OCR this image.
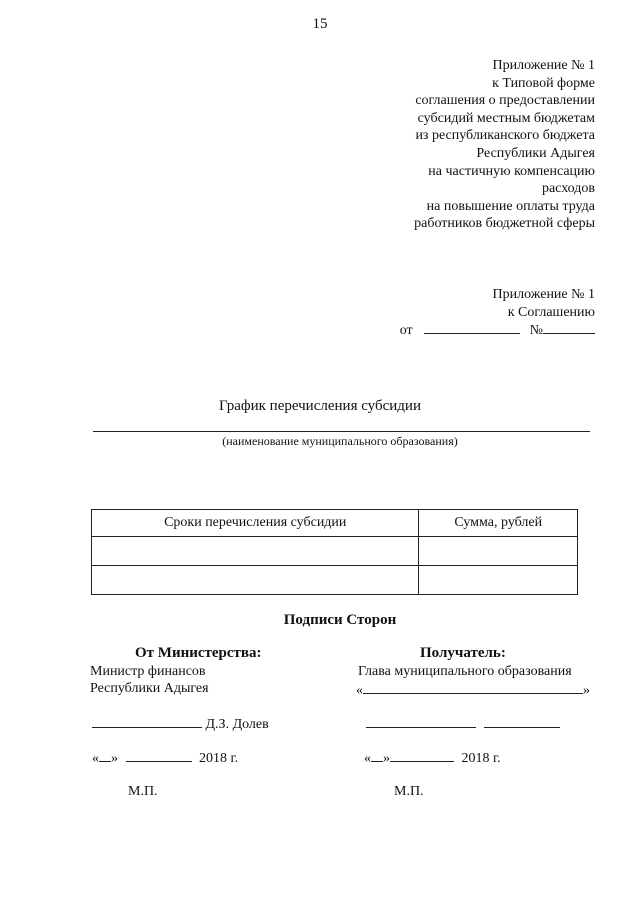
15
Приложение № 1
к Типовой форме
соглашения о предоставлении
субсидий местным бюджетам
из республиканского бюджета
Республики Адыгея
на частичную компенсацию
расходов
на повышение оплаты труда
работников бюджетной сферы
Приложение № 1
к Соглашению
от	№
График перечисления субсидии
(наименование муниципального образования)
Сроки перечисления субсидии	Сумма, рублей

Подписи Сторон
От Министерства:
Министр финансов
Республики Адыгея
Д.З. Долев
« »	2018 г.
М.П.
Получатель:
Глава муниципального образования
«	»

« »	2018 г.
М.П.
